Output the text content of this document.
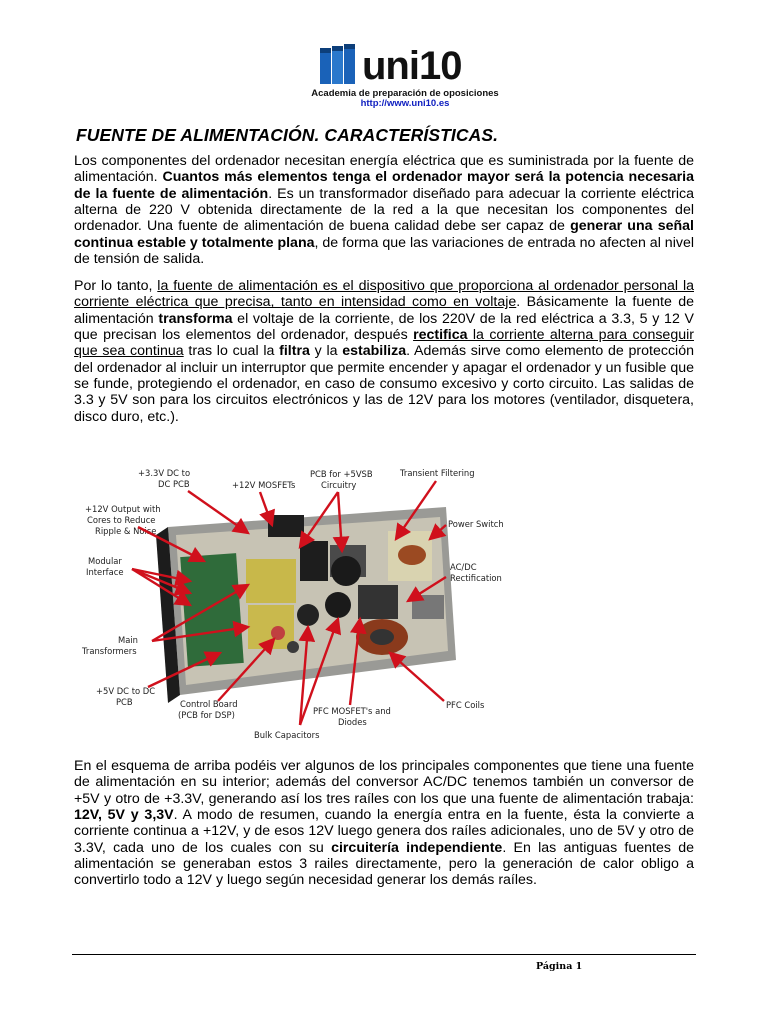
uni10
Academia de preparación de oposiciones
http://www.uni10.es
FUENTE DE ALIMENTACIÓN. CARACTERÍSTICAS.

Los componentes del ordenador necesitan energía eléctrica que es suministrada por la fuente de alimentación. Cuantos más elementos tenga el ordenador mayor será la potencia necesaria de la fuente de alimentación. Es un transformador diseñado para adecuar la corriente eléctrica alterna de 220 V obtenida directamente de la red a la que necesitan los componentes del ordenador. Una fuente de alimentación de buena calidad debe ser capaz de generar una señal continua estable y totalmente plana, de forma que las variaciones de entrada no afecten al nivel de tensión de salida.

Por lo tanto, la fuente de alimentación es el dispositivo que proporciona al ordenador personal la corriente eléctrica que precisa, tanto en intensidad como en voltaje. Básicamente la fuente de alimentación transforma el voltaje de la corriente, de los 220V de la red eléctrica a 3.3, 5 y 12 V que precisan los elementos del ordenador, después rectifica la corriente alterna para conseguir que sea continua tras lo cual la filtra y la estabiliza. Además sirve como elemento de protección del ordenador al incluir un interruptor que permite encender y apagar el ordenador y un fusible que se funde, protegiendo el ordenador, en caso de consumo excesivo y corto circuito. Las salidas de 3.3 y 5V son para los circuitos electrónicos y las de 12V para los motores (ventilador, disquetera, disco duro, etc.).

+3.3V DC to
DC PCB	+12V MOSFETs
PCB for +5VSB
Circuitry
Transient Filtering
+12V Output with
Cores to Reduce
Ripple & Noise
Power Switch
Modular
Interface	AC/DC
Rectification
Main
Transformers
+5V DC to DC
PCB	Control Board
(PCB for DSP)	PFC MOSFET's and
Diodes
PFC Coils
Bulk Capacitors

En el esquema de arriba podéis ver algunos de los principales componentes que tiene una fuente de alimentación en su interior; además del conversor AC/DC tenemos también un conversor de +5V y otro de +3.3V, generando así los tres raíles con los que una fuente de alimentación trabaja: 12V, 5V y 3,3V. A modo de resumen, cuando la energía entra en la fuente, ésta la convierte a corriente continua a +12V, y de esos 12V luego genera dos raíles adicionales, uno de 5V y otro de 3.3V, cada uno de los cuales con su circuitería independiente. En las antiguas fuentes de alimentación se generaban estos 3 railes directamente, pero la generación de calor obligo a convertirlo todo a 12V y luego según necesidad generar los demás raíles.

Página 1
